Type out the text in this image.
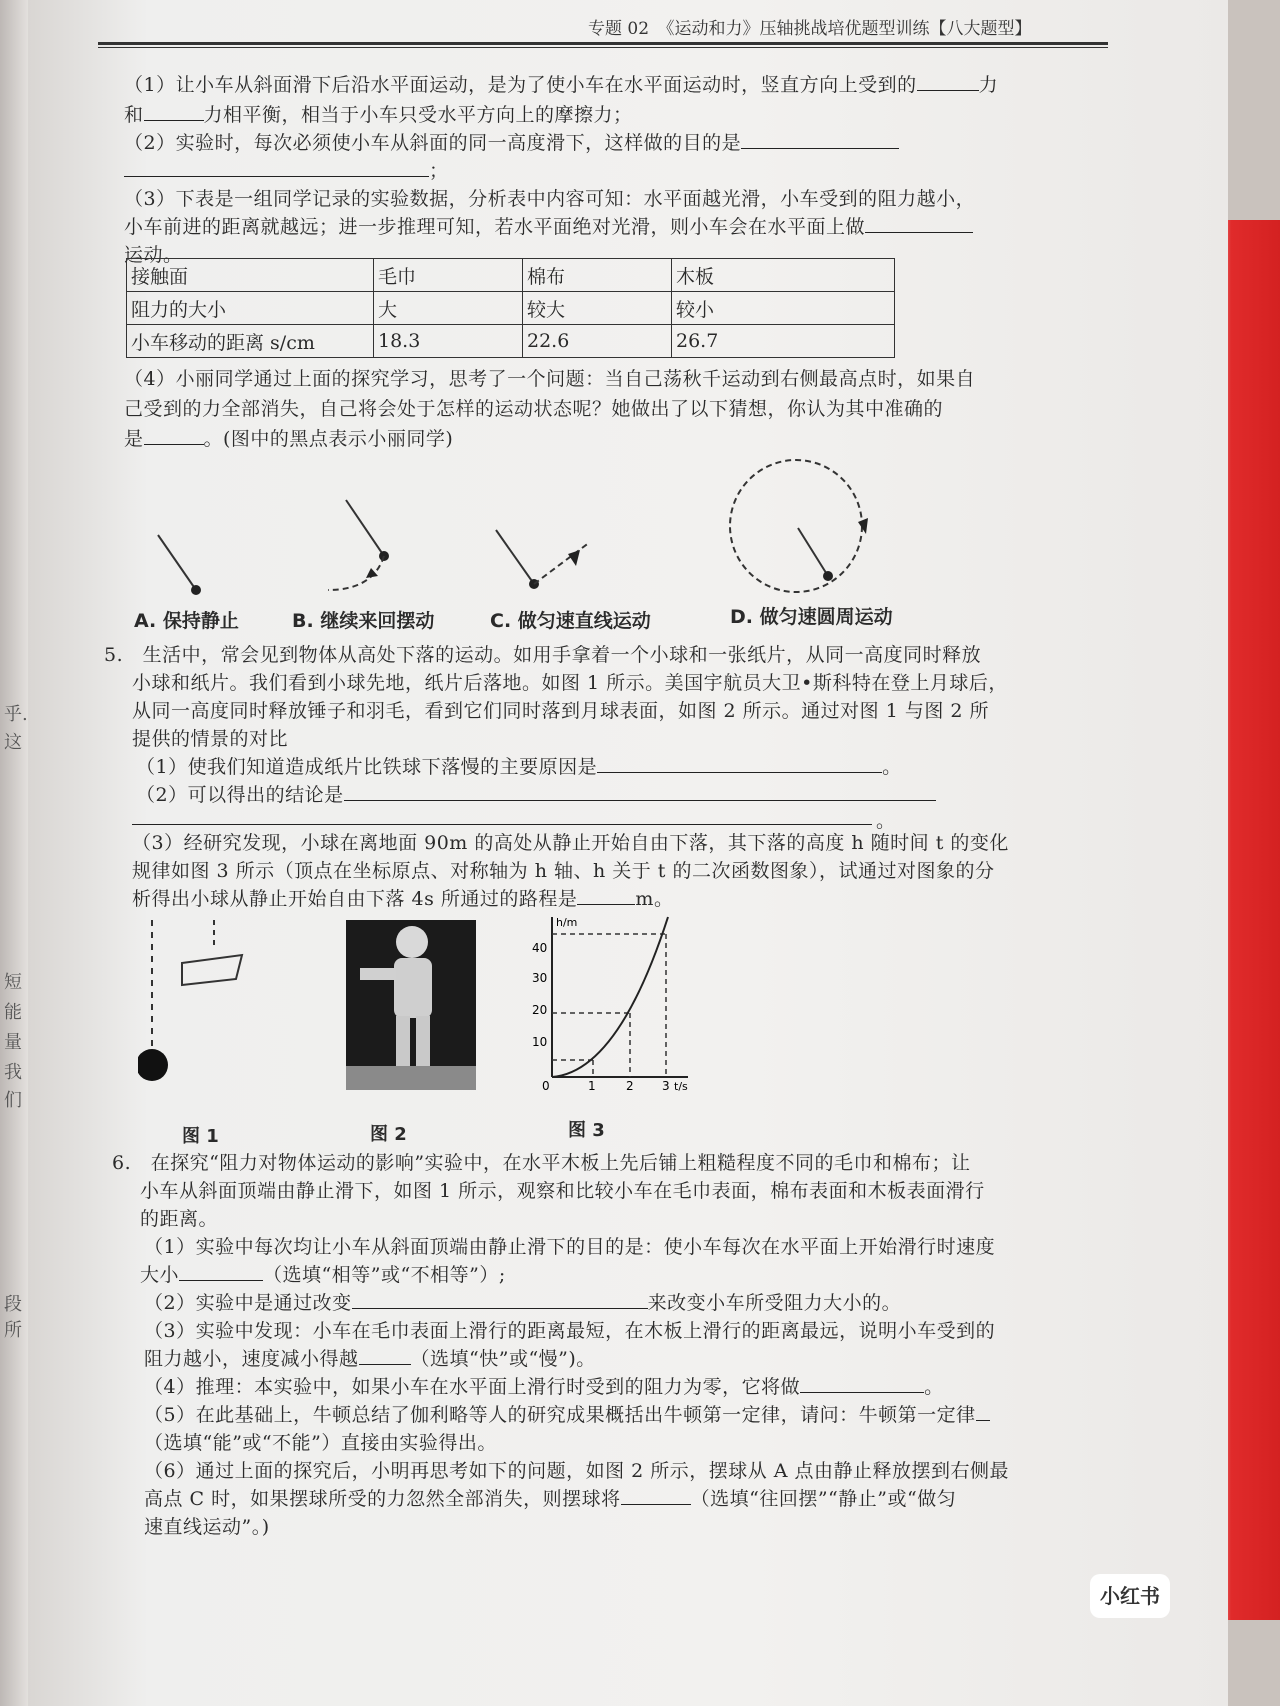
乎.
这
短
能
量
我
们
段所
专题 02　《运动和力》压轴挑战培优题型训练【八大题型】
（1）让小车从斜面滑下后沿水平面运动，是为了使小车在水平面运动时，竖直方向上受到的	力
和	力相平衡，相当于小车只受水平方向上的摩擦力；
（2）实验时，每次必须使小车从斜面的同一高度滑下，这样做的目的是
；
（3）下表是一组同学记录的实验数据，分析表中内容可知：水平面越光滑，小车受到的阻力越小，
小车前进的距离就越远；进一步推理可知，若水平面绝对光滑，则小车会在水平面上做
运动。
接触面	毛巾	棉布	木板
阻力的大小	大	较大	较小
小车移动的距离 s/cm	18.3	22.6	26.7
（4）小丽同学通过上面的探究学习，思考了一个问题：当自己荡秋千运动到右侧最高点时，如果自
己受到的力全部消失，自己将会处于怎样的运动状态呢？她做出了以下猜想，你认为其中准确的
是	。(图中的黑点表示小丽同学)
A. 保持静止	B. 继续来回摆动	C. 做匀速直线运动	D. 做匀速圆周运动
5.　生活中，常会见到物体从高处下落的运动。如用手拿着一个小球和一张纸片，从同一高度同时释放
小球和纸片。我们看到小球先地，纸片后落地。如图 1 所示。美国宇航员大卫•斯科特在登上月球后，
从同一高度同时释放锤子和羽毛，看到它们同时落到月球表面，如图 2 所示。通过对图 1 与图 2 所
提供的情景的对比
（1）使我们知道造成纸片比铁球下落慢的主要原因是	。
（2）可以得出的结论是
。
（3）经研究发现，小球在离地面 90m 的高处从静止开始自由下落，其下落的高度 h 随时间 t 的变化
规律如图 3 所示（顶点在坐标原点、对称轴为 h 轴、h 关于 t 的二次函数图象），试通过对图象的分
析得出小球从静止开始自由下落 4s 所通过的路程是	m。
h/m
t/s
40
30
20
10
0	1	2 3
图 1	图 2	图 3
6.　在探究“阻力对物体运动的影响”实验中，在水平木板上先后铺上粗糙程度不同的毛巾和棉布；让
小车从斜面顶端由静止滑下，如图 1 所示，观察和比较小车在毛巾表面，棉布表面和木板表面滑行
的距离。
（1）实验中每次均让小车从斜面顶端由静止滑下的目的是：使小车每次在水平面上开始滑行时速度
大小	（选填“相等”或“不相等”）;
（2）实验中是通过改变	来改变小车所受阻力大小的。
（3）实验中发现：小车在毛巾表面上滑行的距离最短，在木板上滑行的距离最远，说明小车受到的
阻力越小，速度减小得越	（选填“快”或“慢”)。
（4）推理：本实验中，如果小车在水平面上滑行时受到的阻力为零，它将做	。
（5）在此基础上，牛顿总结了伽利略等人的研究成果概括出牛顿第一定律，请问：牛顿第一定律
（选填“能”或“不能”）直接由实验得出。
（6）通过上面的探究后，小明再思考如下的问题，如图 2 所示，摆球从 A 点由静止释放摆到右侧最
高点 C 时，如果摆球所受的力忽然全部消失，则摆球将	（选填“往回摆”“静止”或“做匀
速直线运动”。)
小红书
